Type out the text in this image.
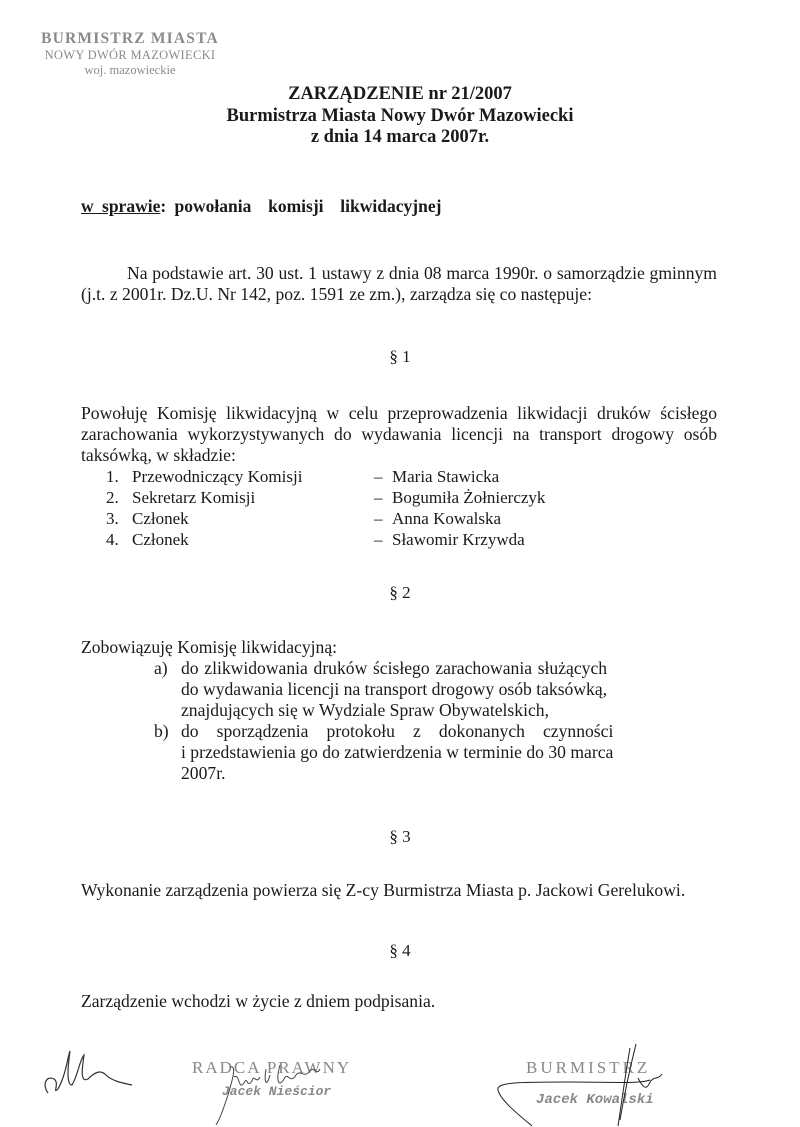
BURMISTRZ MIASTA
NOWY DWÓR MAZOWIECKI
woj. mazowieckie
ZARZĄDZENIE nr 21/2007
Burmistrza Miasta Nowy Dwór Mazowiecki
z dnia 14 marca 2007r.
w sprawie: powołania  komisji  likwidacyjnej
Na podstawie art. 30 ust. 1 ustawy z dnia 08 marca 1990r. o samorządzie gminnym (j.t. z 2001r. Dz.U. Nr 142, poz. 1591 ze zm.), zarządza się co następuje:
§ 1
Powołuję Komisję likwidacyjną w celu przeprowadzenia likwidacji druków ścisłego zarachowania wykorzystywanych do wydawania licencji na transport drogowy osób taksówką, w składzie:
1. Przewodniczący Komisji	– Maria Stawicka
2. Sekretarz Komisji	– Bogumiła Żołnierczyk
3. Członek	– Anna Kowalska
4. Członek	– Sławomir Krzywda
§ 2
Zobowiązuję Komisję likwidacyjną:
a) do zlikwidowania druków ścisłego zarachowania służących
do wydawania licencji na transport drogowy osób taksówką,
znajdujących się w Wydziale Spraw Obywatelskich,
b) do sporządzenia protokołu z dokonanych czynności
i przedstawienia go do zatwierdzenia w terminie do 30 marca
2007r.
§ 3
Wykonanie zarządzenia powierza się Z-cy Burmistrza Miasta p. Jackowi Gerelukowi.
§ 4
Zarządzenie wchodzi w życie z dniem podpisania.
RADCA PRAWNY
Jacek Nieścior
BURMISTRZ
Jacek Kowalski
